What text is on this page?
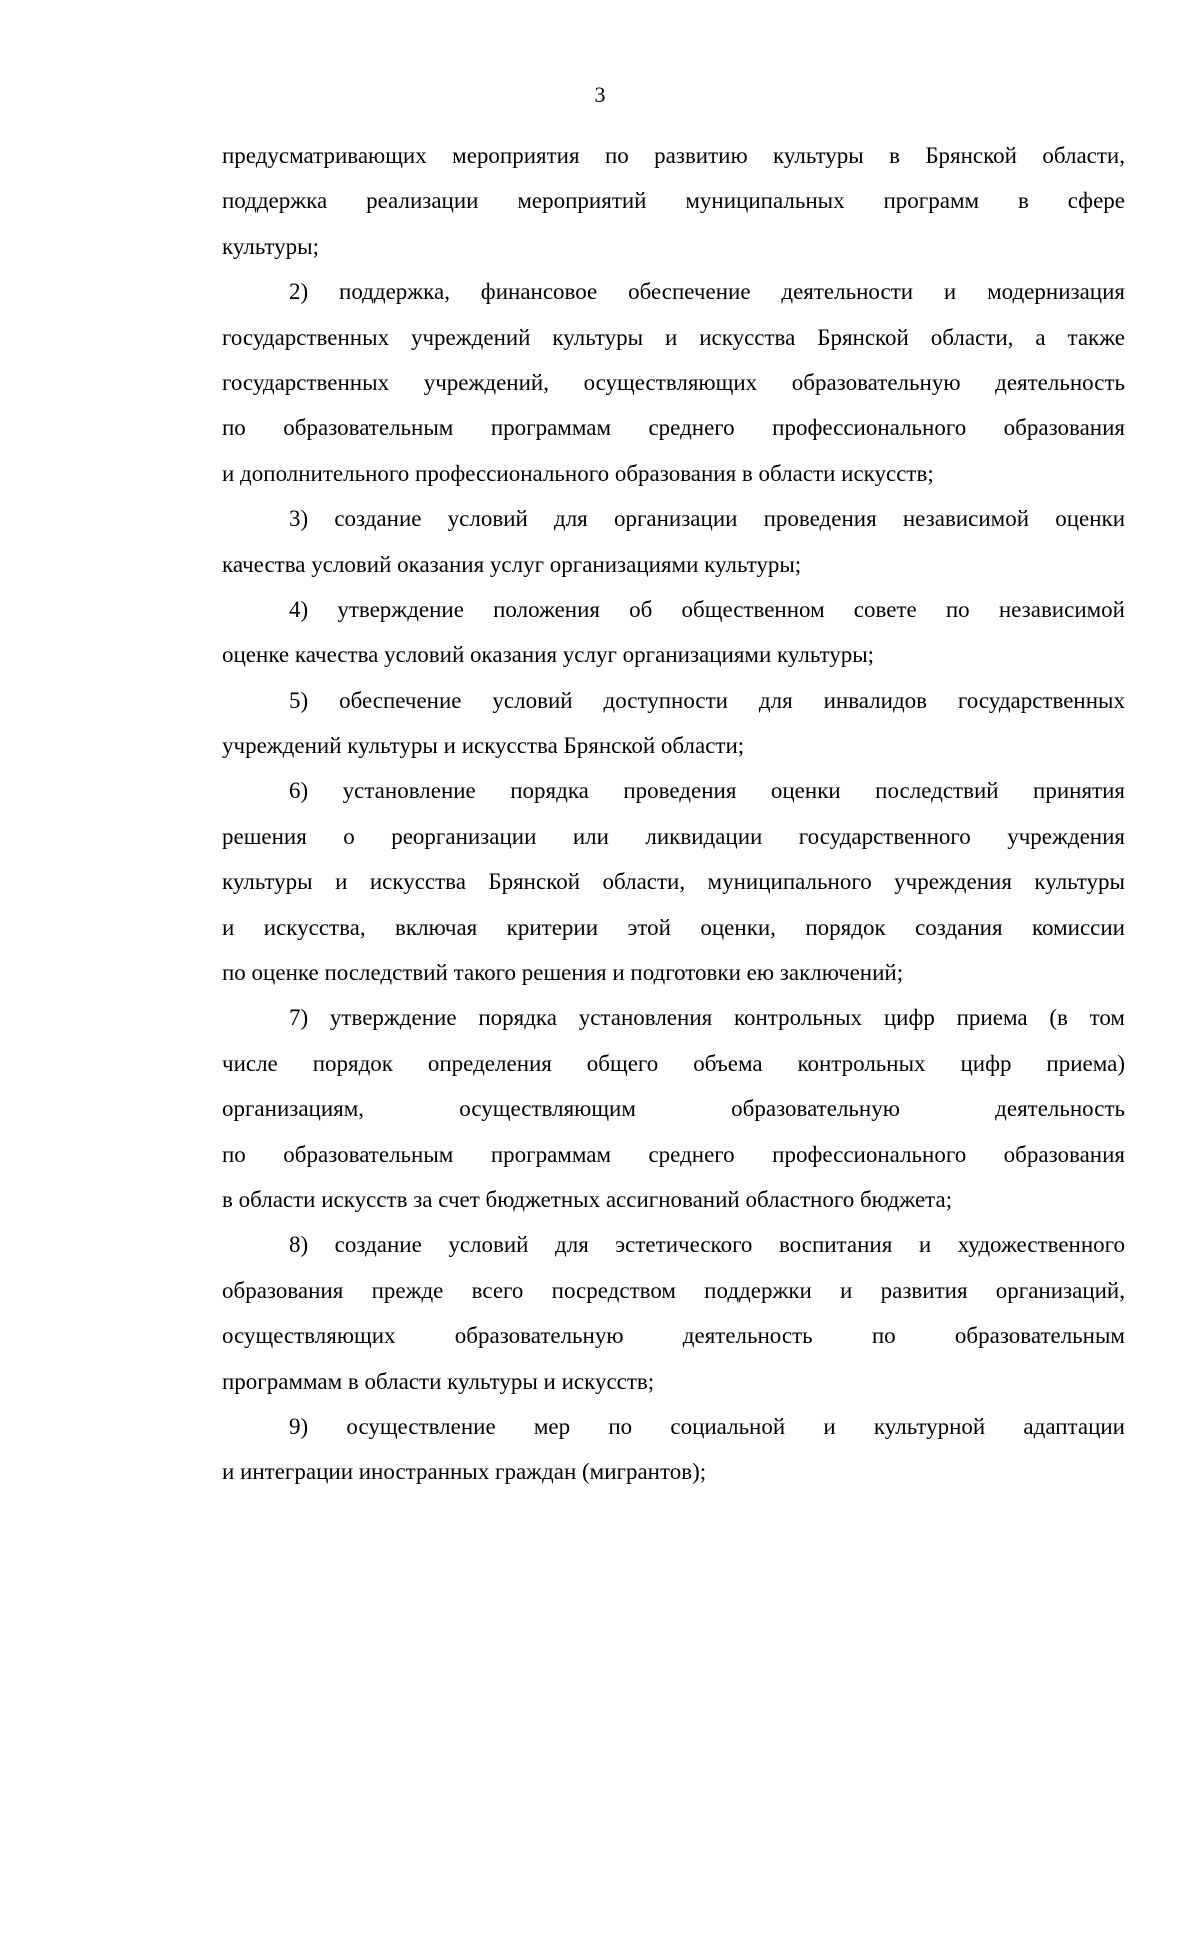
3
предусматривающих мероприятия по развитию культуры в Брянской области,
поддержка реализации мероприятий муниципальных программ в сфере
культуры;
2) поддержка, финансовое обеспечение деятельности и модернизация
государственных учреждений культуры и искусства Брянской области, а также
государственных учреждений, осуществляющих образовательную деятельность
по образовательным программам среднего профессионального образования
и дополнительного профессионального образования в области искусств;
3) создание условий для организации проведения независимой оценки
качества условий оказания услуг организациями культуры;
4) утверждение положения об общественном совете по независимой
оценке качества условий оказания услуг организациями культуры;
5) обеспечение условий доступности для инвалидов государственных
учреждений культуры и искусства Брянской области;
6) установление порядка проведения оценки последствий принятия
решения о реорганизации или ликвидации государственного учреждения
культуры и искусства Брянской области, муниципального учреждения культуры
и искусства, включая критерии этой оценки, порядок создания комиссии
по оценке последствий такого решения и подготовки ею заключений;
7) утверждение порядка установления контрольных цифр приема (в том
числе порядок определения общего объема контрольных цифр приема)
организациям, осуществляющим образовательную деятельность
по образовательным программам среднего профессионального образования
в области искусств за счет бюджетных ассигнований областного бюджета;
8) создание условий для эстетического воспитания и художественного
образования прежде всего посредством поддержки и развития организаций,
осуществляющих образовательную деятельность по образовательным
программам в области культуры и искусств;
9) осуществление мер по социальной и культурной адаптации
и интеграции иностранных граждан (мигрантов);
